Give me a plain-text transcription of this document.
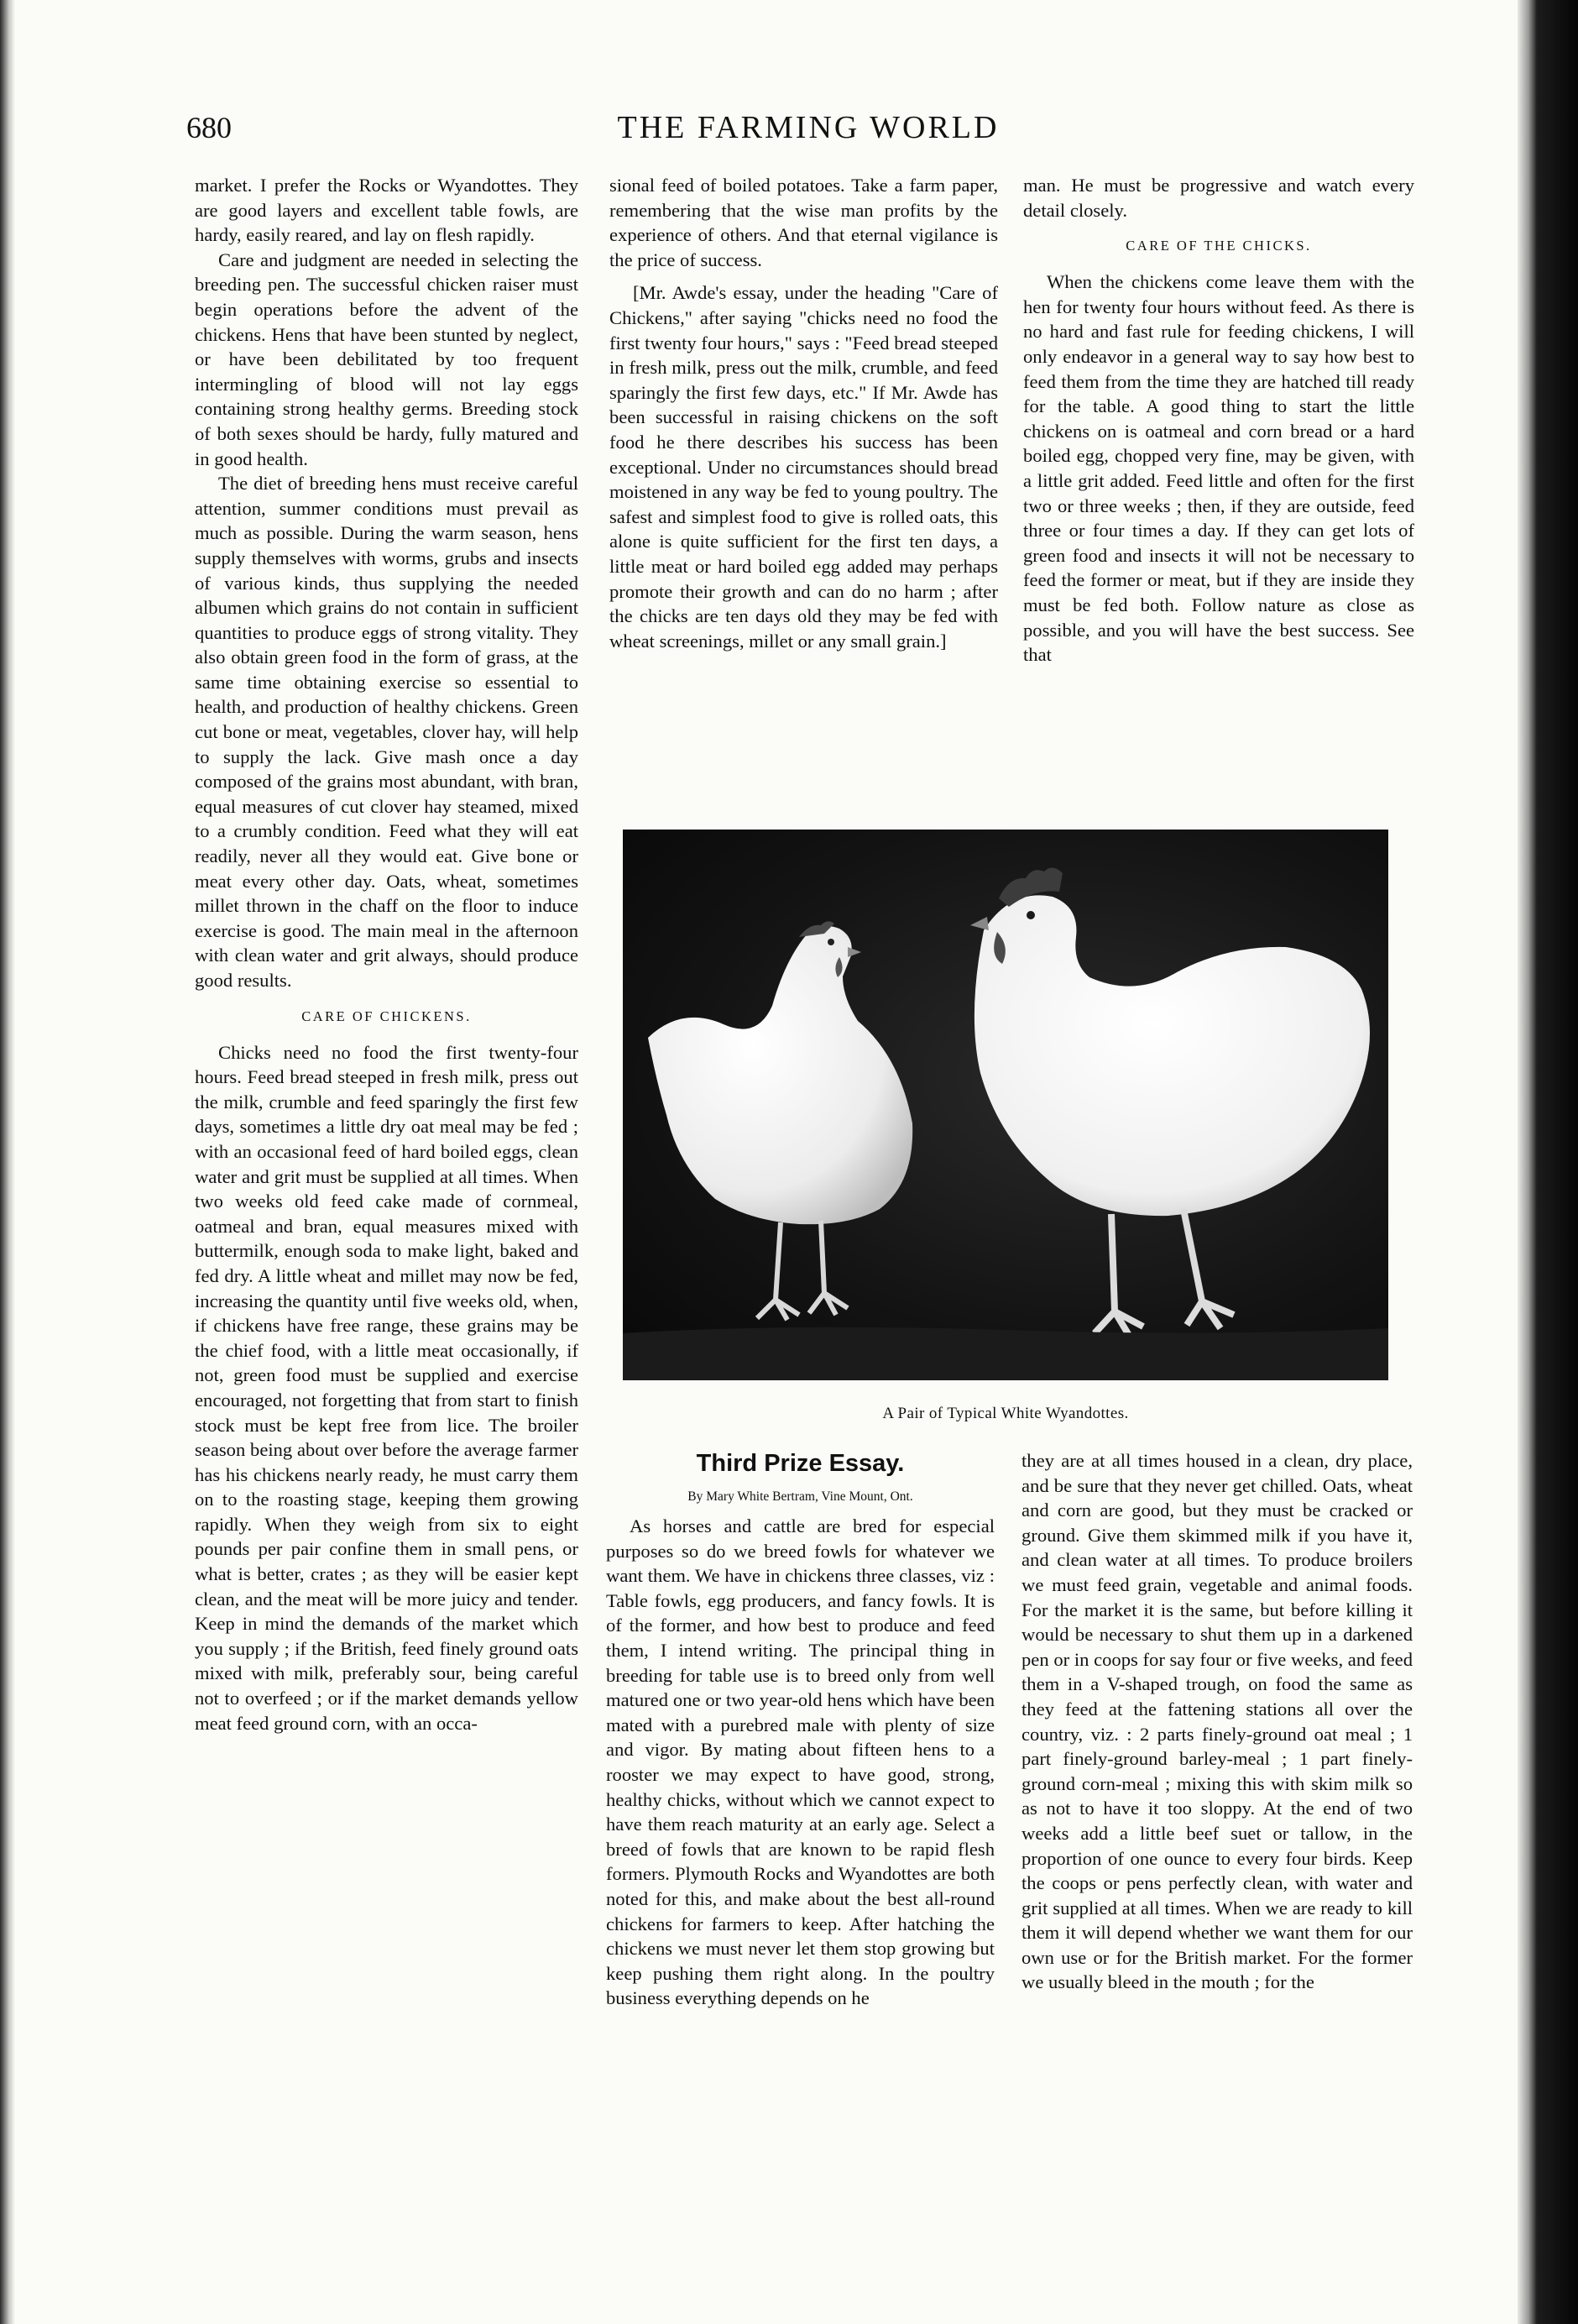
680	THE FARMING WORLD

market. I prefer the Rocks or Wyandottes. They are good layers and excellent table fowls, are hardy, easily reared, and lay on flesh rapidly.

Care and judgment are needed in selecting the breeding pen. The successful chicken raiser must begin operations before the advent of the chickens. Hens that have been stunted by neglect, or have been debilitated by too frequent intermingling of blood will not lay eggs containing strong healthy germs. Breeding stock of both sexes should be hardy, fully matured and in good health.

The diet of breeding hens must receive careful attention, summer conditions must prevail as much as possible. During the warm season, hens supply themselves with worms, grubs and insects of various kinds, thus supplying the needed albumen which grains do not contain in sufficient quantities to produce eggs of strong vitality. They also obtain green food in the form of grass, at the same time obtaining exercise so essential to health, and production of healthy chickens. Green cut bone or meat, vegetables, clover hay, will help to supply the lack. Give mash once a day composed of the grains most abundant, with bran, equal measures of cut clover hay steamed, mixed to a crumbly condition. Feed what they will eat readily, never all they would eat. Give bone or meat every other day. Oats, wheat, sometimes millet thrown in the chaff on the floor to induce exercise is good. The main meal in the afternoon with clean water and grit always, should produce good results.

CARE OF CHICKENS.

Chicks need no food the first twenty-four hours. Feed bread steeped in fresh milk, press out the milk, crumble and feed sparingly the first few days, sometimes a little dry oat meal may be fed ; with an occasional feed of hard boiled eggs, clean water and grit must be supplied at all times. When two weeks old feed cake made of cornmeal, oatmeal and bran, equal measures mixed with buttermilk, enough soda to make light, baked and fed dry. A little wheat and millet may now be fed, increasing the quantity until five weeks old, when, if chickens have free range, these grains may be the chief food, with a little meat occasionally, if not, green food must be supplied and exercise encouraged, not forgetting that from start to finish stock must be kept free from lice. The broiler season being about over before the average farmer has his chickens nearly ready, he must carry them on to the roasting stage, keeping them growing rapidly. When they weigh from six to eight pounds per pair confine them in small pens, or what is better, crates ; as they will be easier kept clean, and the meat will be more juicy and tender. Keep in mind the demands of the market which you supply ; if the British, feed finely ground oats mixed with milk, preferably sour, being careful not to overfeed ; or if the market demands yellow meat feed ground corn, with an occa-

sional feed of boiled potatoes. Take a farm paper, remembering that the wise man profits by the experience of others. And that eternal vigilance is the price of success.

[Mr. Awde's essay, under the heading "Care of Chickens," after saying "chicks need no food the first twenty four hours," says : "Feed bread steeped in fresh milk, press out the milk, crumble, and feed sparingly the first few days, etc." If Mr. Awde has been successful in raising chickens on the soft food he there describes his success has been exceptional. Under no circumstances should bread moistened in any way be fed to young poultry. The safest and simplest food to give is rolled oats, this alone is quite sufficient for the first ten days, a little meat or hard boiled egg added may perhaps promote their growth and can do no harm ; after the chicks are ten days old they may be fed with wheat screenings, millet or any small grain.]

man. He must be progressive and watch every detail closely.

CARE OF THE CHICKS.

When the chickens come leave them with the hen for twenty four hours without feed. As there is no hard and fast rule for feeding chickens, I will only endeavor in a general way to say how best to feed them from the time they are hatched till ready for the table. A good thing to start the little chickens on is oatmeal and corn bread or a hard boiled egg, chopped very fine, may be given, with a little grit added. Feed little and often for the first two or three weeks ; then, if they are outside, feed three or four times a day. If they can get lots of green food and insects it will not be necessary to feed the former or meat, but if they are inside they must be fed both. Follow nature as close as possible, and you will have the best success. See that

A Pair of Typical White Wyandottes.
Third Prize Essay.
By Mary White Bertram, Vine Mount, Ont.

As horses and cattle are bred for especial purposes so do we breed fowls for whatever we want them. We have in chickens three classes, viz : Table fowls, egg producers, and fancy fowls. It is of the former, and how best to produce and feed them, I intend writing. The principal thing in breeding for table use is to breed only from well matured one or two year-old hens which have been mated with a purebred male with plenty of size and vigor. By mating about fifteen hens to a rooster we may expect to have good, strong, healthy chicks, without which we cannot expect to have them reach maturity at an early age. Select a breed of fowls that are known to be rapid flesh formers. Plymouth Rocks and Wyandottes are both noted for this, and make about the best all-round chickens for farmers to keep. After hatching the chickens we must never let them stop growing but keep pushing them right along. In the poultry business everything depends on he

they are at all times housed in a clean, dry place, and be sure that they never get chilled. Oats, wheat and corn are good, but they must be cracked or ground. Give them skimmed milk if you have it, and clean water at all times. To produce broilers we must feed grain, vegetable and animal foods. For the market it is the same, but before killing it would be necessary to shut them up in a darkened pen or in coops for say four or five weeks, and feed them in a V-shaped trough, on food the same as they feed at the fattening stations all over the country, viz. : 2 parts finely-ground oat meal ; 1 part finely-ground barley-meal ; 1 part finely-ground corn-meal ; mixing this with skim milk so as not to have it too sloppy. At the end of two weeks add a little beef suet or tallow, in the proportion of one ounce to every four birds. Keep the coops or pens perfectly clean, with water and grit supplied at all times. When we are ready to kill them it will depend whether we want them for our own use or for the British market. For the former we usually bleed in the mouth ; for the
